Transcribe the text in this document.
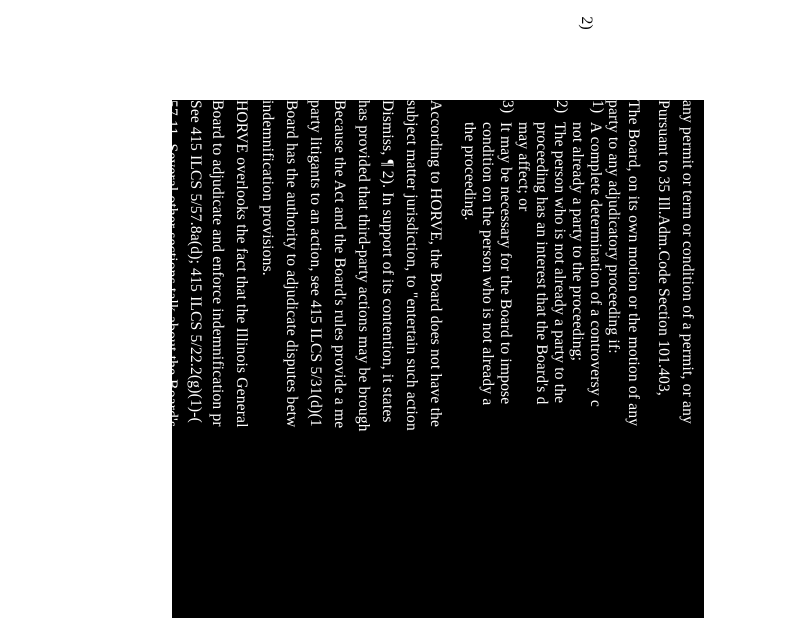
2)
any permit or term or condition of a permit, or any
Pursuant to 35 Ill.Adm.Code Section 101.403,
The Board, on its own motion or the motion of any
party to any adjudicatory proceeding if:
1)
A complete determination of a controversy c
not already a party to the proceeding;
2)
The person who is not already a party to the
proceeding has an interest that the Board's d
may affect; or
3)
It may be necessary for the Board to impose
condition on the person who is not already a
the proceeding.
According to HORVE, the Board does not have the
subject matter jurisdiction, to "entertain such action
Dismiss, ¶ 2). In support of its contention, it states
has provided that third-party actions may be brough
Because the Act and the Board's rules provide a me
party litigants to an action, see 415 ILCS 5/31(d)(1
Board has the authority to adjudicate disputes betw
indemnification provisions.
HORVE overlooks the fact that the Illinois General
Board to adjudicate and enforce indemnification pr
See 415 ILCS 5/57.8a(d); 415 ILCS 5/22.2(g)(1)-(
57.11. Several other sections talk about the Board's
reimbursement for costs and fees, including attorne
while other sections talk about the ability seek subr
415 ILCS 5/22.2(g)(2), 415 ILCS 5/57.8(l). There
